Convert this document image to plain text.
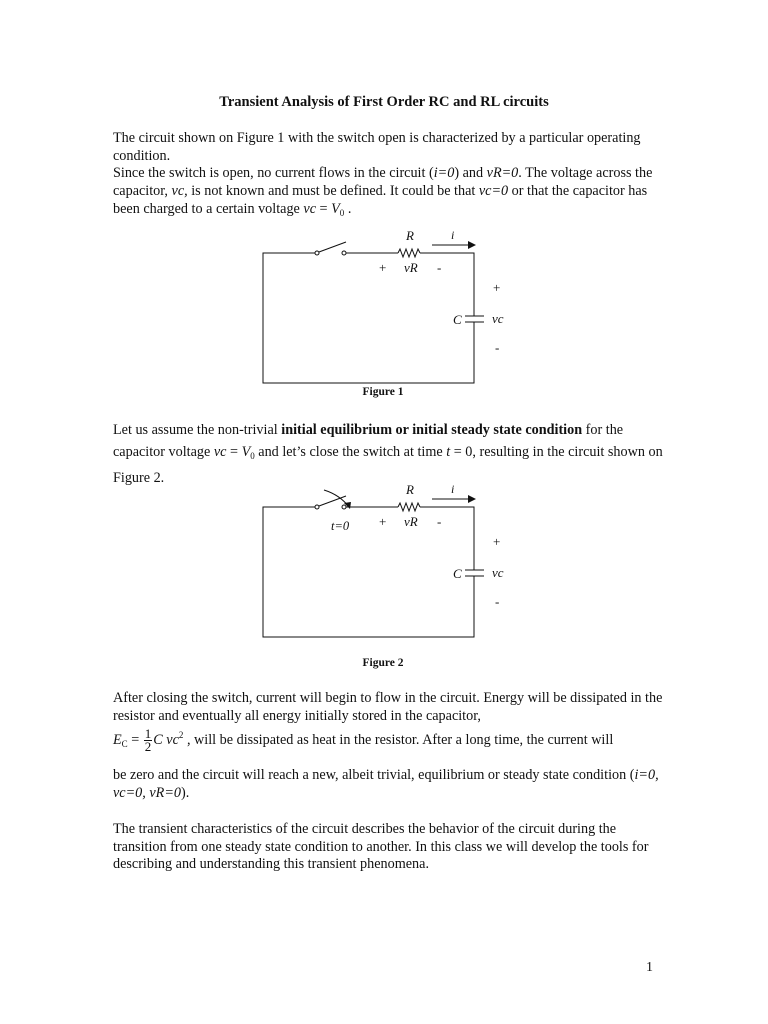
Transient Analysis of First Order RC and RL circuits

The circuit shown on Figure 1 with the switch open is characterized by a particular operating condition.
Since the switch is open, no current flows in the circuit (i=0) and vR=0. The voltage across the capacitor, vc, is not known and must be defined. It could be that vc=0 or that the capacitor has been charged to a certain voltage vc = $V_0$ .

R	i
+ vR -
+
C vc
-
Figure 1

Let us assume the non-trivial initial equilibrium or initial steady state condition for the capacitor voltage vc = $V_0$ and let’s close the switch at time t = 0, resulting in the circuit shown on Figure 2.

R	i
t=0 + vR -
+
C vc
-
Figure 2

After closing the switch, current will begin to flow in the circuit. Energy will be dissipated in the resistor and eventually all energy initially stored in the capacitor,

$E_C = \frac{1}{2}$ C $vc^2$ , will be dissipated as heat in the resistor. After a long time, the current will

be zero and the circuit will reach a new, albeit trivial, equilibrium or steady state condition (i=0, vc=0, vR=0).

The transient characteristics of the circuit describes the behavior of the circuit during the transition from one steady state condition to another. In this class we will develop the tools for describing and understanding this transient phenomena.

1
